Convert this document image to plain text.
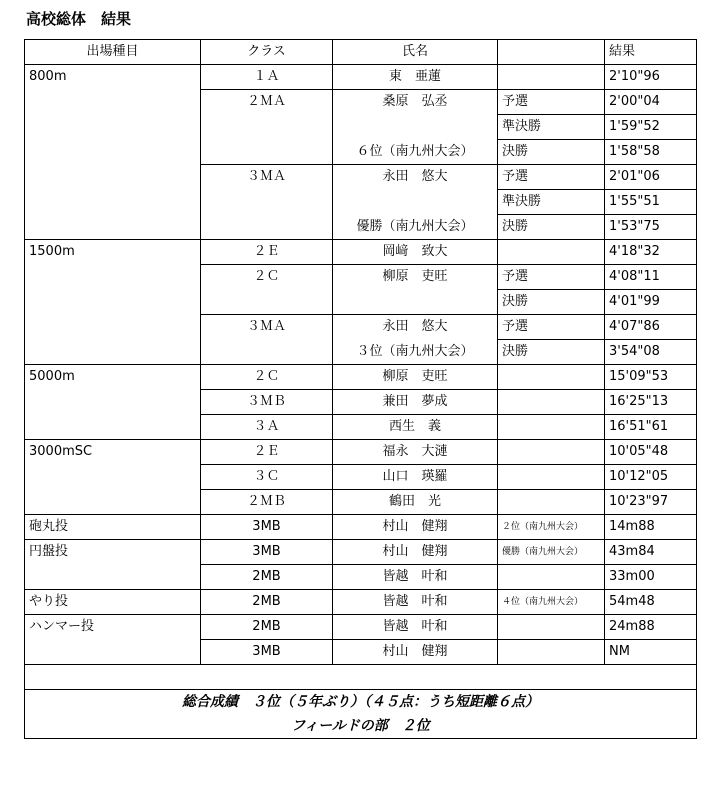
高校総体　結果
出場種目	クラス	氏名		結果
800m	１Ａ	東　亜蓮		2'10"96
	２ＭＡ	桑原　弘丞	予選	2'00"04
			準決勝	1'59"52
		６位（南九州大会）	決勝	1'58"58
	３ＭＡ	永田　悠大	予選	2'01"06
			準決勝	1'55"51
		優勝（南九州大会）	決勝	1'53"75
1500m	２Ｅ	岡﨑　致大		4'18"32
	２Ｃ	柳原　吏旺	予選	4'08"11
			決勝	4'01"99
	３ＭＡ	永田　悠大	予選	4'07"86
		３位（南九州大会）	決勝	3'54"08
5000m	２Ｃ	柳原　吏旺		15'09"53
	３ＭＢ	兼田　夢成		16'25"13
	３Ａ	西生　義		16'51"61
3000mSC	２Ｅ	福永　大漣		10'05"48
	３Ｃ	山口　瑛羅		10'12"05
	２ＭＢ	鶴田　光		10'23"97
砲丸投	3MB	村山　健翔	２位（南九州大会）	14m88
円盤投	3MB	村山　健翔	優勝（南九州大会）	43m84
	2MB	皆越　叶和		33m00
やり投	2MB	皆越　叶和	４位（南九州大会）	54m48
ハンマー投	2MB	皆越　叶和		24m88
	3MB	村山　健翔		NM

総合成績　３位（５年ぶり）（４５点：うち短距離６点）				
フィールドの部　２位				
